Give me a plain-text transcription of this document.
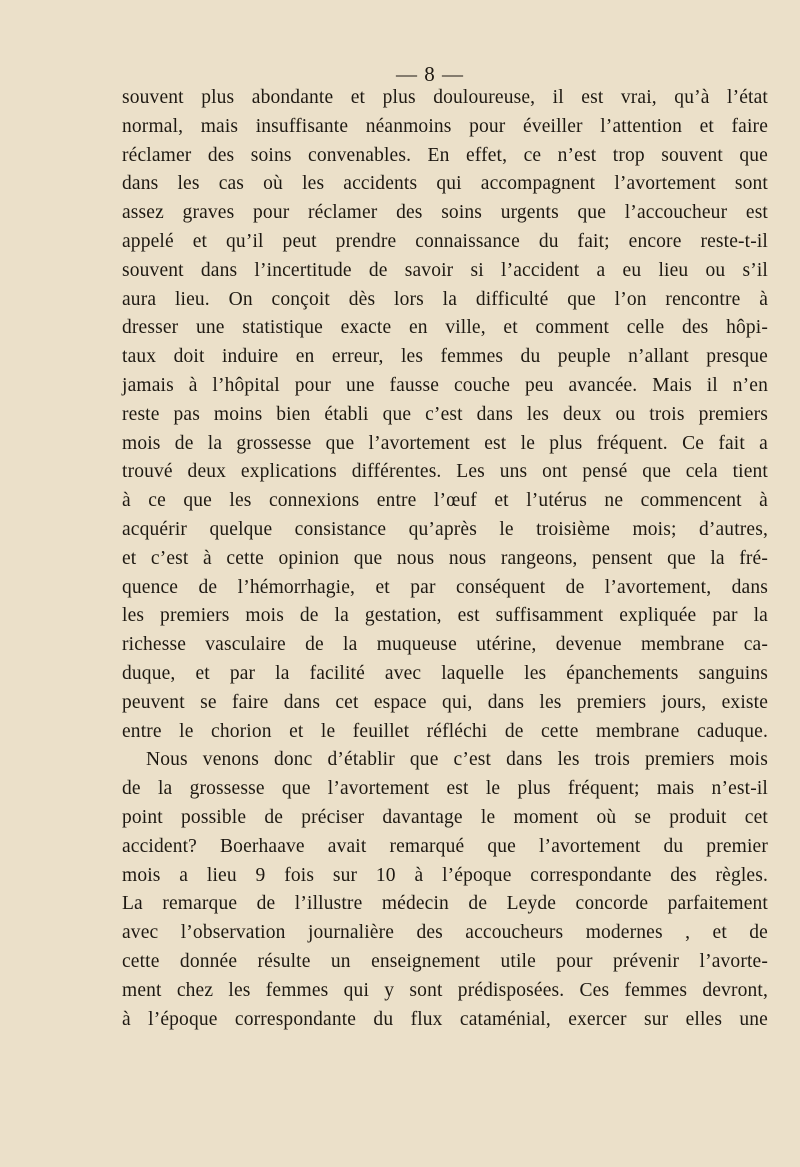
— 8 —
souvent plus abondante et plus douloureuse, il est vrai, qu’à l’état
normal, mais insuffisante néanmoins pour éveiller l’attention et faire
réclamer des soins convenables. En effet, ce n’est trop souvent que
dans les cas où les accidents qui accompagnent l’avortement sont
assez graves pour réclamer des soins urgents que l’accoucheur est
appelé et qu’il peut prendre connaissance du fait; encore reste-t-il
souvent dans l’incertitude de savoir si l’accident a eu lieu ou s’il
aura lieu. On conçoit dès lors la difficulté que l’on rencontre à
dresser une statistique exacte en ville, et comment celle des hôpi-
taux doit induire en erreur, les femmes du peuple n’allant presque
jamais à l’hôpital pour une fausse couche peu avancée. Mais il n’en
reste pas moins bien établi que c’est dans les deux ou trois premiers
mois de la grossesse que l’avortement est le plus fréquent. Ce fait a
trouvé deux explications différentes. Les uns ont pensé que cela tient
à ce que les connexions entre l’œuf et l’utérus ne commencent à
acquérir quelque consistance qu’après le troisième mois; d’autres,
et c’est à cette opinion que nous nous rangeons, pensent que la fré-
quence de l’hémorrhagie, et par conséquent de l’avortement, dans
les premiers mois de la gestation, est suffisamment expliquée par la
richesse vasculaire de la muqueuse utérine, devenue membrane ca-
duque, et par la facilité avec laquelle les épanchements sanguins
peuvent se faire dans cet espace qui, dans les premiers jours, existe
entre le chorion et le feuillet réfléchi de cette membrane caduque.
Nous venons donc d’établir que c’est dans les trois premiers mois
de la grossesse que l’avortement est le plus fréquent; mais n’est-il
point possible de préciser davantage le moment où se produit cet
accident? Boerhaave avait remarqué que l’avortement du premier
mois a lieu 9 fois sur 10 à l’époque correspondante des règles.
La remarque de l’illustre médecin de Leyde concorde parfaitement
avec l’observation journalière des accoucheurs modernes , et de
cette donnée résulte un enseignement utile pour prévenir l’avorte-
ment chez les femmes qui y sont prédisposées. Ces femmes devront,
à l’époque correspondante du flux cataménial, exercer sur elles une
